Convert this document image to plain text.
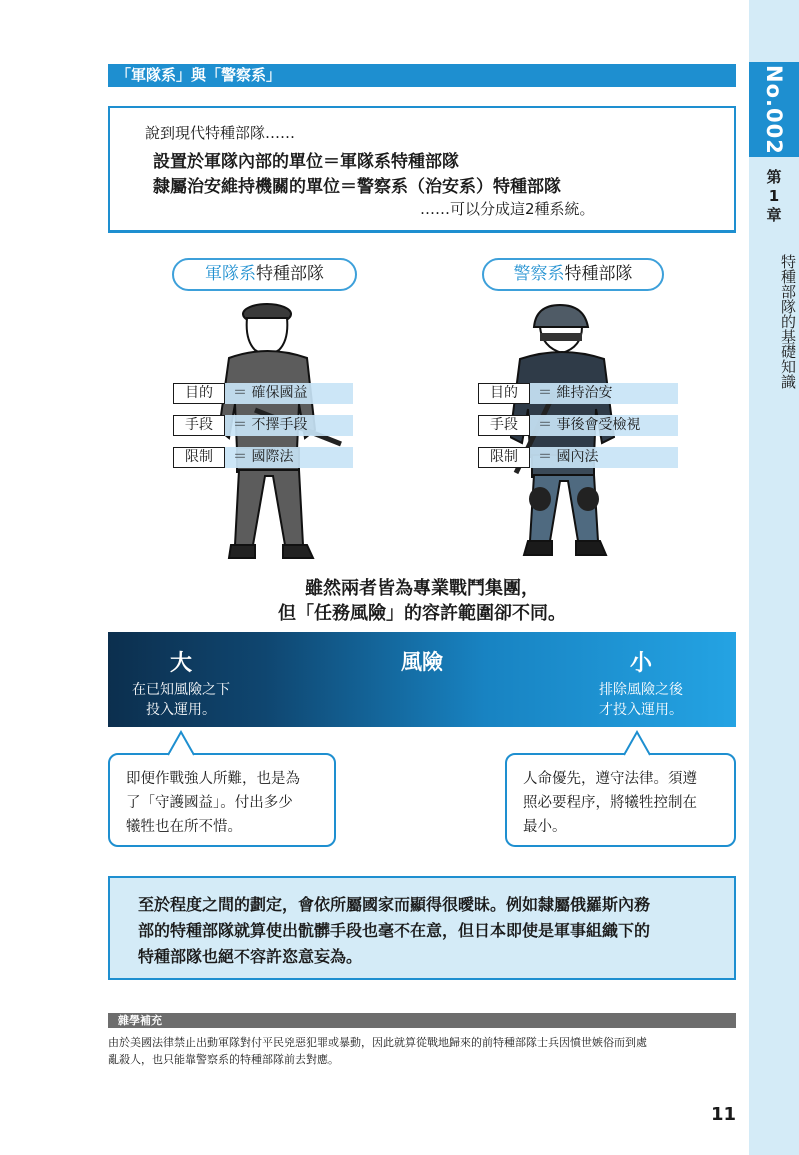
No.002
第
1
章
特種部隊的基礎知識
「軍隊系」與「警察系」
說到現代特種部隊……
設置於軍隊內部的單位＝軍隊系特種部隊
隸屬治安維持機關的單位＝警察系（治安系）特種部隊
……可以分成這2種系統。
軍隊系特種部隊	警察系特種部隊
目的	＝ 確保國益
手段	＝ 不擇手段
限制	＝ 國際法
目的	＝ 維持治安
手段	＝ 事後會受檢視
限制	＝ 國內法
雖然兩者皆為專業戰鬥集團，
但「任務風險」的容許範圍卻不同。
大
在已知風險之下
投入運用。
風險	小
排除風險之後
才投入運用。
即便作戰強人所難，也是為
了「守護國益」。付出多少
犧牲也在所不惜。
人命優先，遵守法律。須遵
照必要程序，將犧牲控制在
最小。
至於程度之間的劃定，會依所屬國家而顯得很曖昧。例如隸屬俄羅斯內務
部的特種部隊就算使出骯髒手段也毫不在意，但日本即使是軍事組織下的
特種部隊也絕不容許恣意妄為。
雜學補充
由於美國法律禁止出動軍隊對付平民兇惡犯罪或暴動，因此就算從戰地歸來的前特種部隊士兵因憤世嫉俗而到處
亂殺人，也只能靠警察系的特種部隊前去對應。
11
